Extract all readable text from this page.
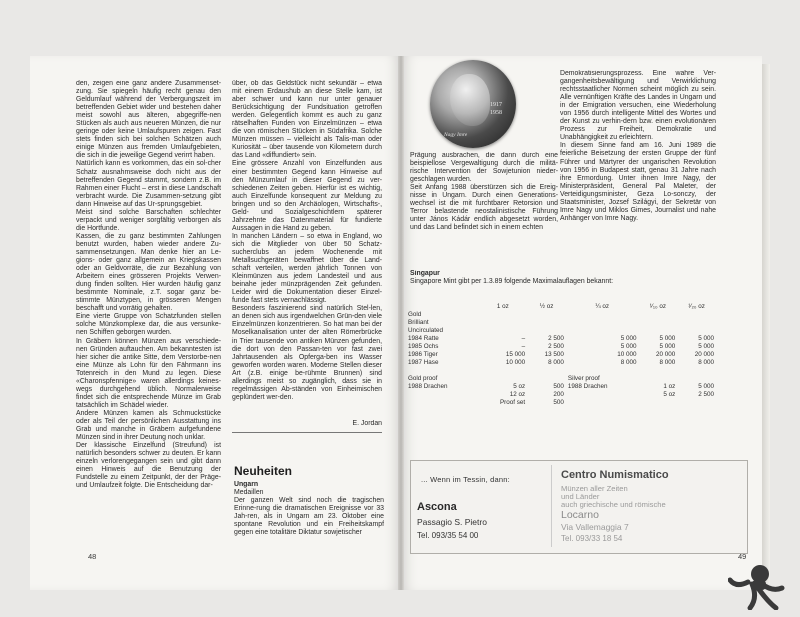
den, zeigen eine ganz andere Zusammenset-zung. Sie spiegeln häufig recht genau den Geldumlauf während der Verbergungszeit im betreffenden Gebiet wider und bestehen daher meist sowohl aus älteren, abgegriffe-nen Stücken als auch aus neueren Münzen, die nur geringe oder keine Umlaufspuren zeigen. Fast stets finden sich bei solchen Schätzen auch einige Münzen aus fremden Umlaufgebieten, die sich in die jeweilige Gegend verirrt haben.

Natürlich kann es vorkommen, das ein sol-cher Schatz ausnahmsweise doch nicht aus der betreffenden Gegend stammt, sondern z.B. im Rahmen einer Flucht – erst in diese Landschaft verbracht wurde. Die Zusammen-setzung gibt dann Hinweise auf das Ur-sprungsgebiet.

Meist sind solche Barschaften schlechter verpackt und weniger sorgfältig verborgen als die Hortfunde.

Kassen, die zu ganz bestimmten Zahlungen benutzt wurden, haben wieder andere Zu-sammensetzungen. Man denke hier an Le-gions- oder ganz allgemein an Kriegskassen oder an Geldvorräte, die zur Bezahlung von Arbeitern eines grösseren Projekts Verwen-dung finden sollten. Hier wurden häufig ganz bestimmte Nominale, z.T. sogar ganz be-stimmte Münztypen, in grösseren Mengen beschafft und vorrätig gehalten.

Eine vierte Gruppe von Schatzfunden stellen solche Münzkomplexe dar, die aus versunke-nen Schiffen geborgen wurden.

In Gräbern können Münzen aus verschiede-nen Gründen auftauchen. Am bekanntesten ist hier sicher die antike Sitte, dem Verstorbe-nen eine Münze als Lohn für den Fährmann ins Totenreich in den Mund zu legen. Diese «Charonspfennige» waren allerdings keines-wegs durchgehend üblich. Normalerweise findet sich die entsprechende Münze im Grab tatsächlich im Schädel wieder.

Andere Münzen kamen als Schmuckstücke oder als Teil der persönlichen Ausstattung ins Grab und manche in Gräbern aufgefundene Münzen sind in ihrer Deutung noch unklar.

Der klassische Einzelfund (Streufund) ist natürlich besonders schwer zu deuten. Er kann einzeln verlorengegangen sein und gibt dann einen Hinweis auf die Benutzung der Fundstelle zu einem Zeitpunkt, der der Präge- und Umlaufzeit folgte. Die Entscheidung dar-

über, ob das Geldstück nicht sekundär – etwa mit einem Erdaushub an diese Stelle kam, ist aber schwer und kann nur unter genauer Berücksichtigung der Fundsituation getroffen werden. Gelegentlich kommt es auch zu ganz rätselhaften Funden von Einzelmünzen – etwa die von römischen Stücken in Südafrika. Solche Münzen müssen – vielleicht als Talis-man oder Kuriosität – über tausende von Kilometern durch das Land «diffundiert» sein.

Eine grössere Anzahl von Einzelfunden aus einer bestimmten Gegend kann Hinweise auf den Münzumlauf in dieser Gegend zu ver-schiedenen Zeiten geben. Hierfür ist es wichtig, auch Einzelfunde konsequent zur Meldung zu bringen und so den Archäologen, Wirtschafts-, Geld- und Sozialgeschichtlern späterer Jahrzehnte das Datenmaterial für fundierte Aussagen in die Hand zu geben.

In manchen Ländern – so etwa in England, wo sich die Mitglieder von über 50 Schatz-sucherclubs an jedem Wochenende mit Metallsuchgeräten bewaffnet über die Land-schaft verteilen, werden jährlich Tonnen von Kleinmünzen aus jedem Landesteil und aus beinahe jeder münzprägenden Zeit gefunden. Leider wird die Dokumentation dieser Einzel-funde fast stets vernachlässigt.

Besonders faszinierend sind natürlich Stel-len, an denen sich aus irgendwelchen Grün-den viele Einzelmünzen konzentrieren. So hat man bei der Moselkanalisation unter der alten Römerbrücke in Trier tausende von antiken Münzen gefunden, die dort von den Passan-ten vor fast zwei Jahrtausenden als Opferga-ben ins Wasser geworfen worden waren. Moderne Stellen dieser Art (z.B. einige be-rühmte Brunnen) sind allerdings meist so zugänglich, dass sie in regelmässigen Ab-ständen von Einheimischen geplündert wer-den.

E. Jordan
Neuheiten

Ungarn

Medaillen

Der ganzen Welt sind noch die tragischen Erinne-rung die dramatischen Ereignisse vor 33 Jah-ren, als in Ungarn am 23. Oktober eine spontane Revolution und ein Freiheitskampf gegen eine totalitäre Diktatur sowjetischer

48
1917
1958
Nagy Imre

Prägung ausbrachen, die dann durch eine beispiellose Vergewaltigung durch die militä-rische Intervention der Sowjetunion nieder-geschlagen wurden.

Seit Anfang 1988 überstürzen sich die Ereig-nisse in Ungarn. Durch einen Generations-wechsel ist die mit furchtbarer Retorsion und Terror belastende neostalinistische Führung unter János Kádár endlich abgesetzt worden, und das Land befindet sich in einem echten

Demokratisierungsprozess. Eine wahre Ver-gangenheitsbewältigung und Verwirklichung rechtsstaatlicher Normen scheint möglich zu sein. Alle vernünftigen Kräfte des Landes in Ungarn und in der Emigration versuchen, eine Wiederholung von 1956 durch intelligente Mittel des Wortes und der Kunst zu verhin-dern bzw. einen evolutionären Prozess zur Freiheit, Demokratie und Unabhängigkeit zu erleichtern.

In diesem Sinne fand am 16. Juni 1989 die feierliche Beisetzung der ersten Gruppe der fünf Führer und Märtyrer der ungarischen Revolution von 1956 in Budapest statt, genau 31 Jahre nach ihre Ermordung. Unter ihnen Imre Nagy, der Ministerpräsident, General Pal Maleter, der Verteidigungsminister, Geza Lo-sonczy, der Staatsminister, Jozsef Szilágyi, der Sekretär von Imre Nagy und Miklos Gimes, Journalist und nahe Anhänger von Imre Nagy.

Singapur

Singapore Mint gibt per 1.3.89 folgende Maximalauflagen bekannt:

	1 oz	½ oz	¼ oz	¹⁄₁₀ oz	¹⁄₂₀ oz
Gold					
Brilliant					
Uncirculated					
1984 Ratte	–	2 500	5 000	5 000	5 000
1985 Ochs	–	2 500	5 000	5 000	5 000
1986 Tiger	15 000	13 500	10 000	20 000	20 000
1987 Hase	10 000	8 000	8 000	8 000	8 000

Gold proof			Silver proof		
1988 Drachen	5 oz	500	1988 Drachen	1 oz	5 000
	12 oz	200		5 oz	2 500
	Proof set	500			
... Wenn im Tessin, dann:
Ascona
Passagio S. Pietro
Tel. 093/35 54 00
Centro Numismatico
Münzen aller Zeiten
und Länder
auch griechische und römische
Locarno
Via Vallemaggia 7
Tel. 093/33 18 54
49
